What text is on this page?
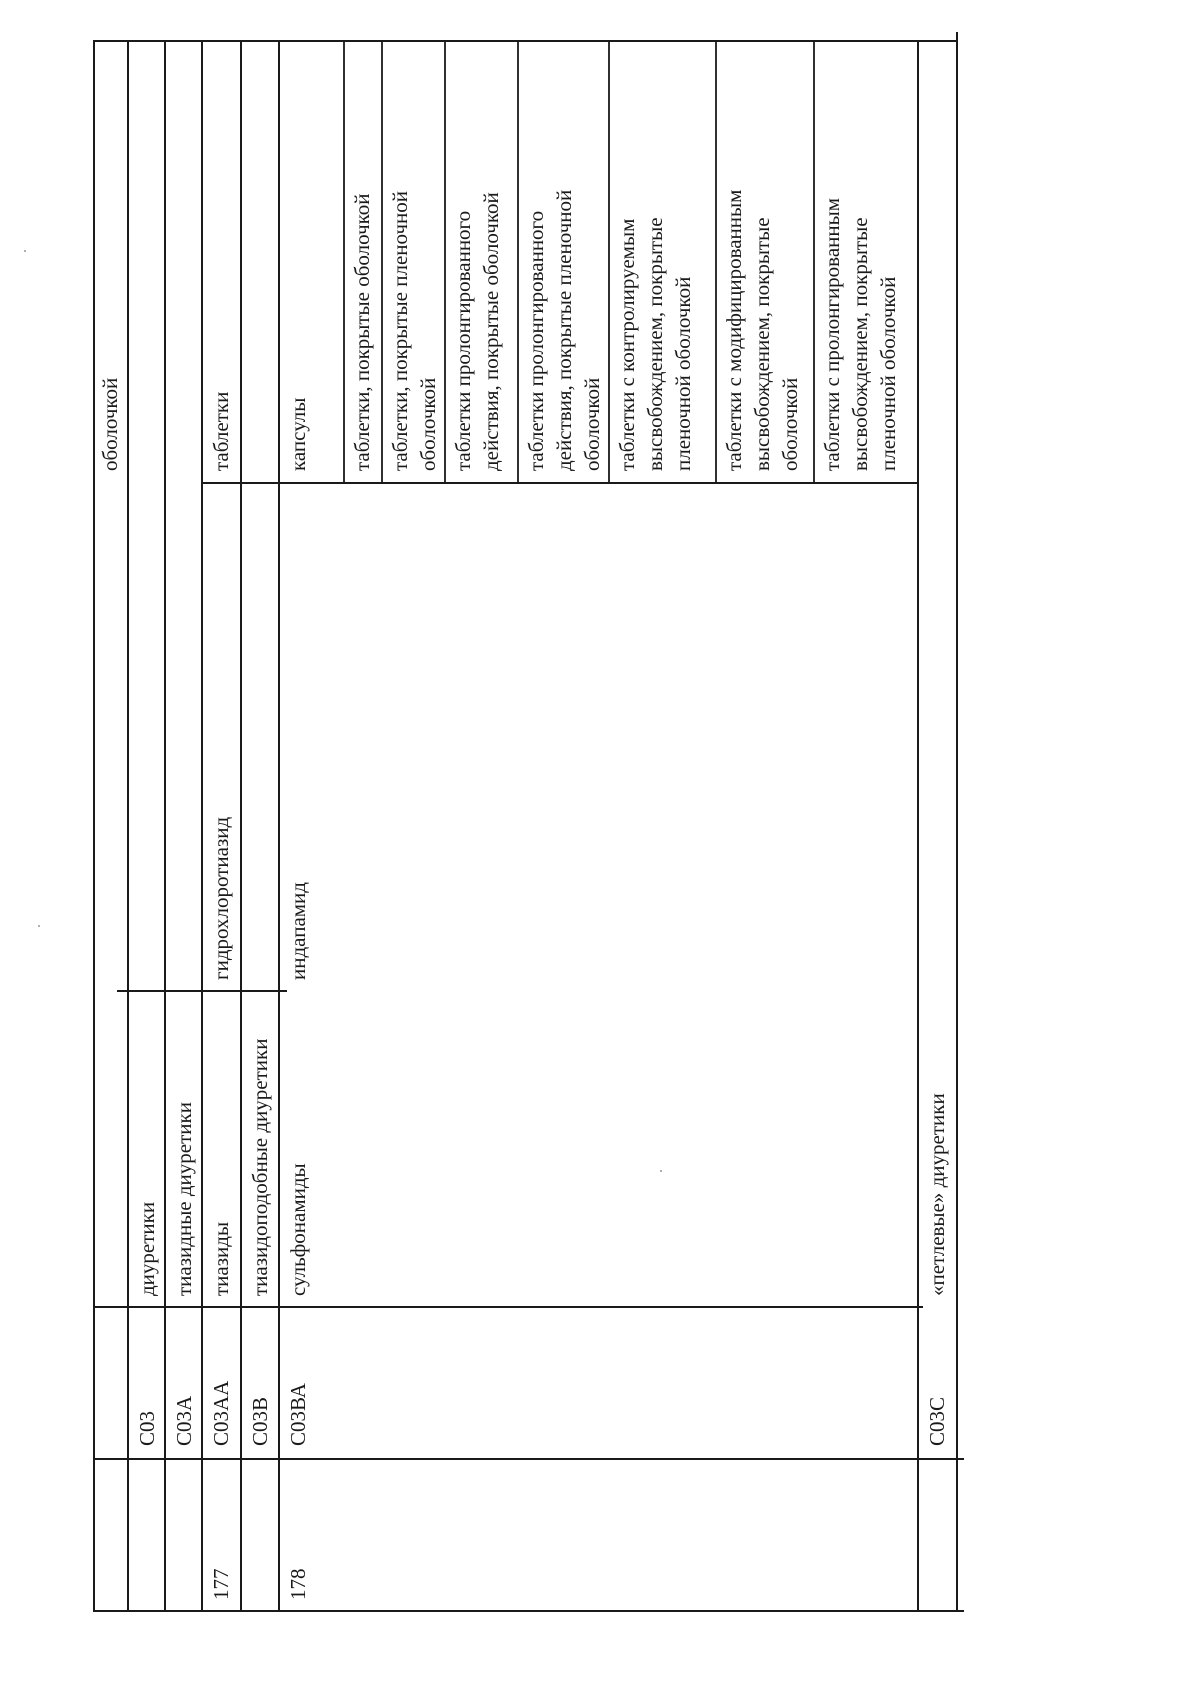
оболочкой
С03
диуретики
С03А
тиазидные диуретики
177
С03АА
тиазиды
гидрохлоротиазид
таблетки
С03В
тиазидоподобные диуретики
178
С03ВА
сульфонамиды
индапамид
капсулы таблетки, покрытые оболочкой таблетки, покрытые пленочной
оболочкой таблетки пролонгированного
действия, покрытые оболочкой
таблетки пролонгированного
действия, покрытые пленочной
оболочкой таблетки с контролируемым
высвобождением, покрытые
пленочной оболочкой
таблетки с модифицированным
высвобождением, покрытые
оболочкой таблетки с пролонгированным
высвобождением, покрытые
пленочной оболочкой
С03С
«петлевые» диуретики
